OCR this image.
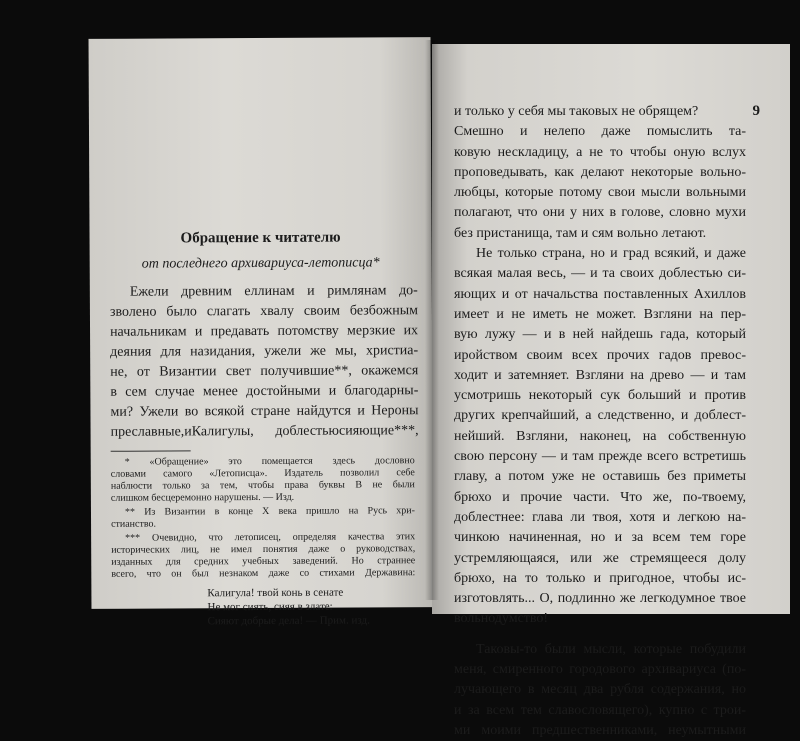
Обращение к читателю
от последнего архивариуса-летописца*
Ежели древним еллинам и римлянам до-
зволено было слагать хвалу своим безбожным
начальникам и предавать потомству мерзкие их
деяния для назидания, ужели же мы, христиа-
не, от Византии свет получившие**, окажемся
в сем случае менее достойными и благодарны-
ми? Ужели во всякой стране найдутся и Нероны
преславные,иКалигулы, доблестьюсияющие***,
* «Обращение» это помещается здесь дословно
словами самого «Летописца». Издатель позволил себе
наблюсти только за тем, чтобы права буквы В не были
слишком бесцеремонно нарушены. — Изд.
** Из Византии в конце X века пришло на Русь хри-
стианство.
*** Очевидно, что летописец, определяя качества этих
исторических лиц, не имел понятия даже о руководствах,
изданных для средних учебных заведений. Но страннее
всего, что он был незнаком даже со стихами Державина:
Калигула! твой конь в сенате
Не мог сиять, сияя в злате:
Сияют добрые дела! — Прим. изд.
9
и только у себя мы таковых не обрящем?
Смешно и нелепо даже помыслить та-
ковую нескладицу, а не то чтобы оную вслух
проповедывать, как делают некоторые вольно-
любцы, которые потому свои мысли вольными
полагают, что они у них в голове, словно мухи
без пристанища, там и сям вольно летают.
Не только страна, но и град всякий, и даже
всякая малая весь, — и та своих доблестью си-
яющих и от начальства поставленных Ахиллов
имеет и не иметь не может. Взгляни на пер-
вую лужу — и в ней найдешь гада, который
иройством своим всех прочих гадов превос-
ходит и затемняет. Взгляни на древо — и там
усмотришь некоторый сук больший и против
других крепчайший, а следственно, и доблест-
нейший. Взгляни, наконец, на собственную
свою персону — и там прежде всего встретишь
главу, а потом уже не оставишь без приметы
брюхо и прочие части. Что же, по-твоему,
доблестнее: глава ли твоя, хотя и легкою на-
чинкою начиненная, но и за всем тем горе
устремляющаяся, или же стремящееся долу
брюхо, на то только и пригодное, чтобы ис-
изготовлять... О, подлинно же легкодумное твое
вольнодумство!
Таковы-то были мысли, которые побудили
меня, смиренного городового архивариуса (по-
лучающего в месяц два рубля содержания, но
и за всем тем славословящего), купно с трои-
ми моими предшественниками, неумытными
